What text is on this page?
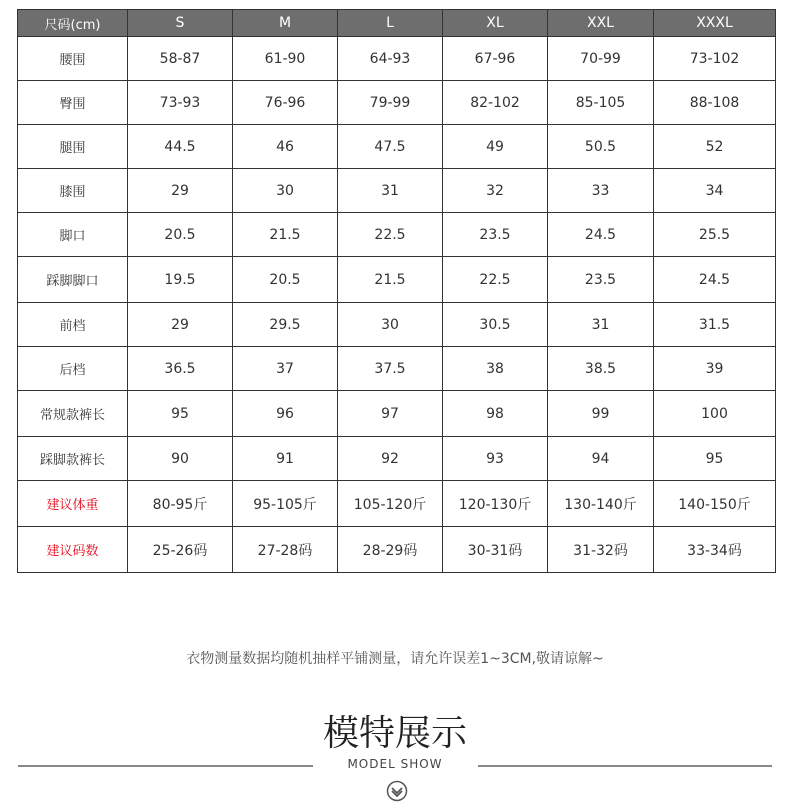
尺码(cm)	S	M	L	XL	XXL	XXXL
腰围	58-87	61-90	64-93	67-96	70-99	73-102
臀围	73-93	76-96	79-99	82-102	85-105	88-108
腿围	44.5	46	47.5	49	50.5	52
膝围	29	30	31	32	33	34
脚口	20.5	21.5	22.5	23.5	24.5	25.5
踩脚脚口	19.5	20.5	21.5	22.5	23.5	24.5
前档	29	29.5	30	30.5	31	31.5
后档	36.5	37	37.5	38	38.5	39
常规款裤长	95	96	97	98	99	100
踩脚款裤长	90	91	92	93	94	95
建议体重	80-95斤	95-105斤	105-120斤	120-130斤	130-140斤	140-150斤
建议码数	25-26码	27-28码	28-29码	30-31码	31-32码	33-34码
衣物测量数据均随机抽样平铺测量，请允许误差1~3CM,敬请谅解~
模特展示
MODEL SHOW
